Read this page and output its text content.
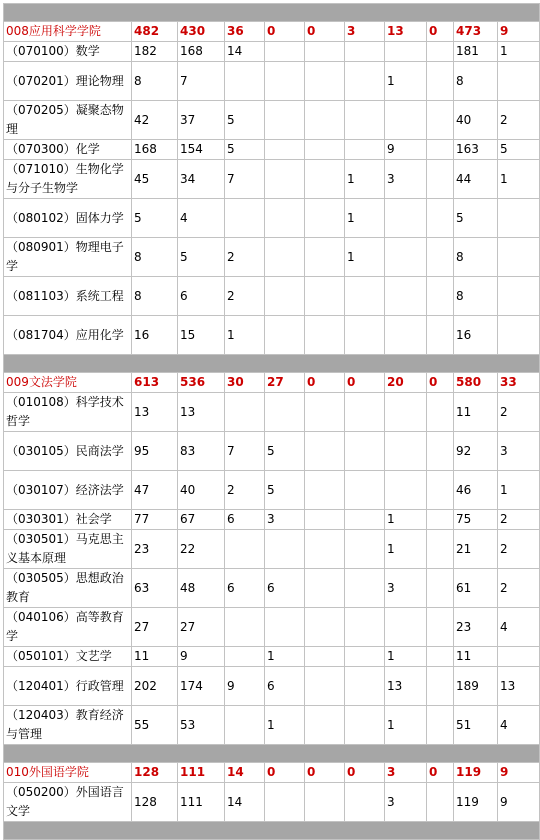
008应用科学学院	482	430	36	0	0	3	13	0	473	9
（070100）数学	182	168	14						181	1
（070201）理论物理	8	7					1		8	
（070205）凝聚态物理	42	37	5						40	2
（070300）化学	168	154	5				9		163	5
（071010）生物化学与分子生物学	45	34	7			1	3		44	1
（080102）固体力学	5	4				1			5	
（080901）物理电子学	8	5	2			1			8	
（081103）系统工程	8	6	2						8	
（081704）应用化学	16	15	1						16	

009文法学院	613	536	30	27	0	0	20	0	580	33
（010108）科学技术哲学	13	13							11	2
（030105）民商法学	95	83	7	5					92	3
（030107）经济法学	47	40	2	5					46	1
（030301）社会学	77	67	6	3			1		75	2
（030501）马克思主义基本原理	23	22					1		21	2
（030505）思想政治教育	63	48	6	6			3		61	2
（040106）高等教育学	27	27							23	4
（050101）文艺学	11	9		1			1		11	
（120401）行政管理	202	174	9	6			13		189	13
（120403）教育经济与管理	55	53		1			1		51	4

010外国语学院	128	111	14	0	0	0	3	0	119	9
（050200）外国语言文学	128	111	14				3		119	9
